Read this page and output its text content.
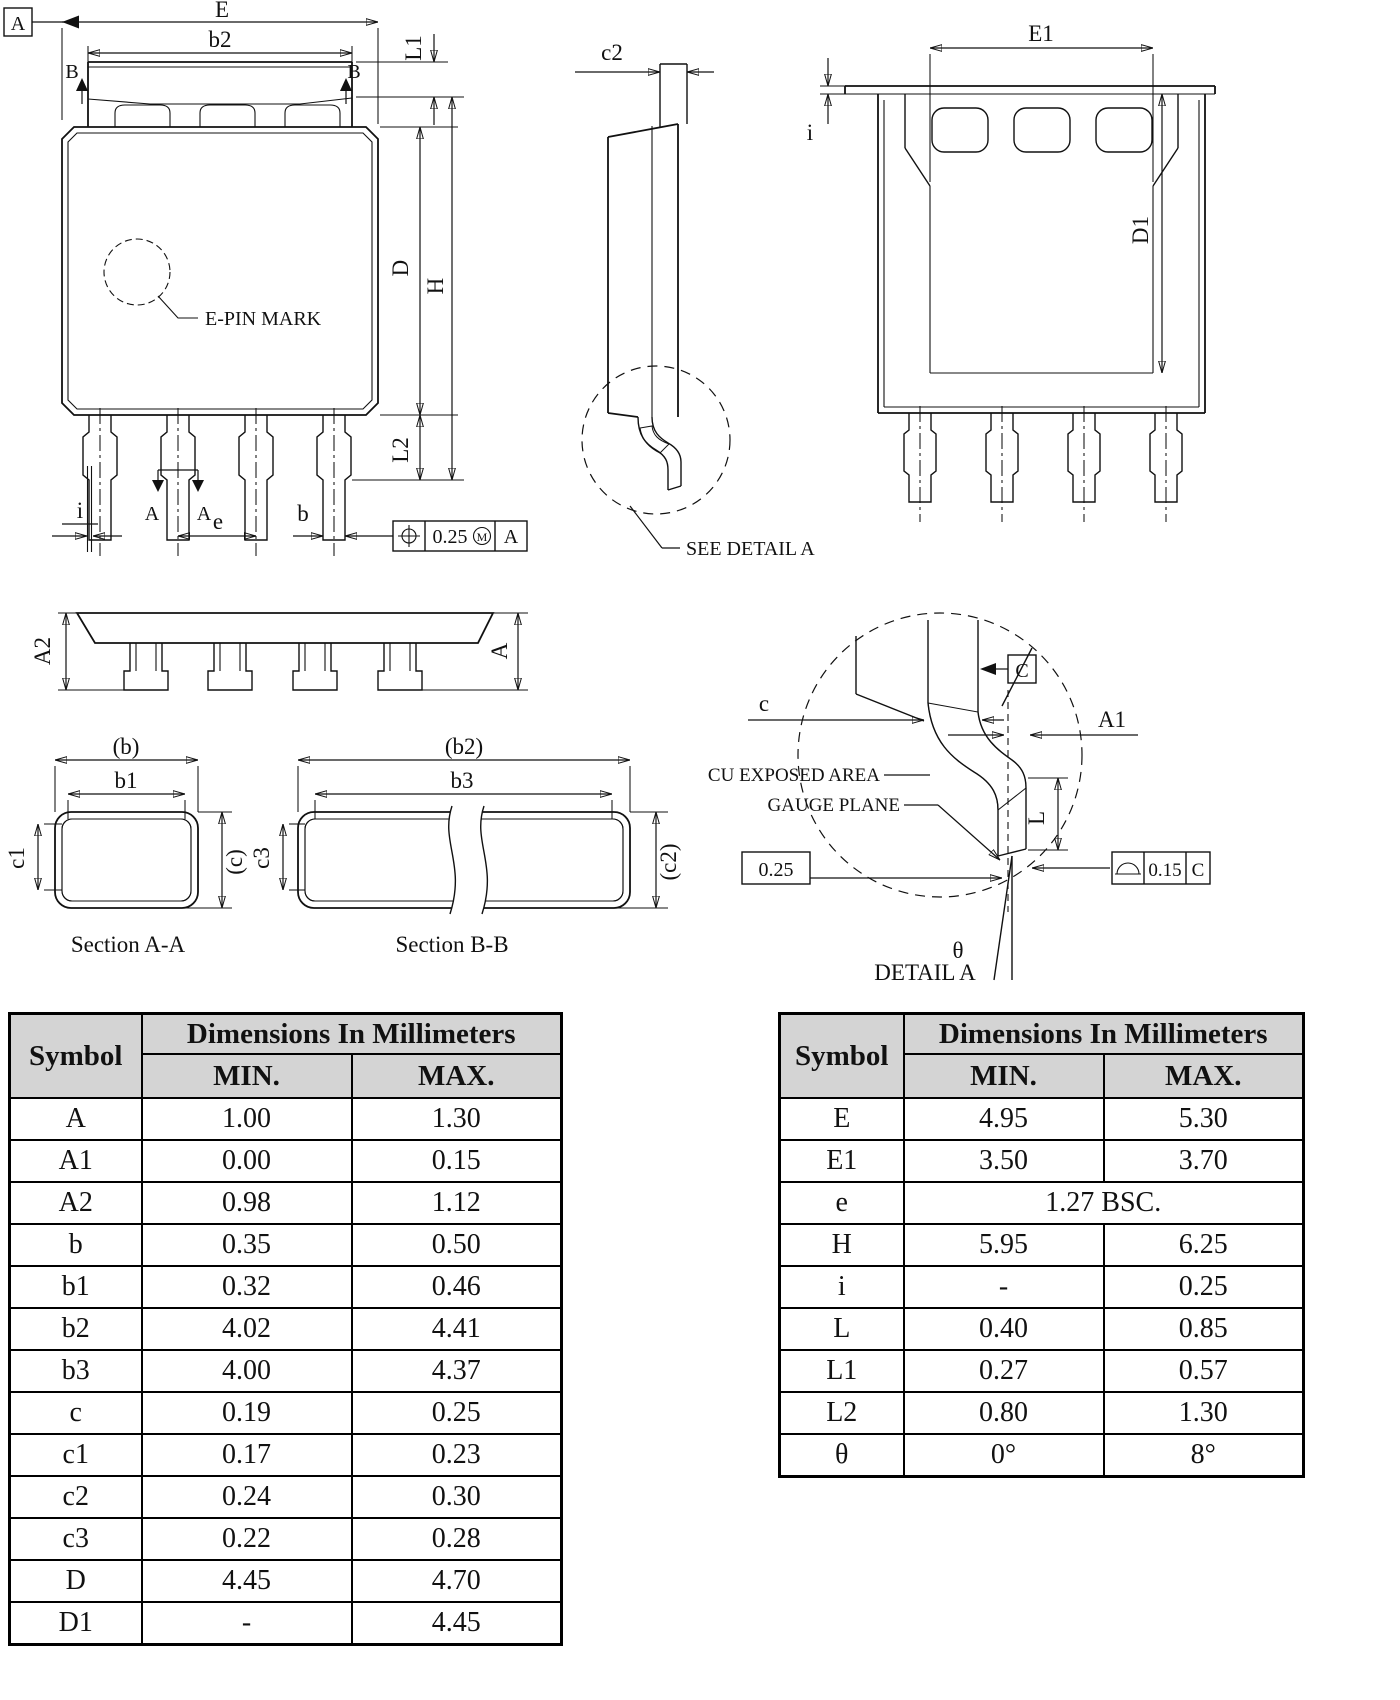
A
E
b2
B	B
E-PIN MARK
L1
D
L2
H
i	A A e	b
0.25 M A
c2
SEE DETAIL A
E1
i
D1
A2	A
(b)
b1
c1	(c)
Section A-A
(b2)
b3
c3	(c2)
Section B-B
C
c
A1
CU EXPOSED AREA
GAUGE PLANE
L
0.25
θ
0.15 C
DETAIL A
Symbol	Dimensions In Millimeters	
	MIN.	MAX.
A	1.00	1.30
A1	0.00	0.15
A2	0.98	1.12
b	0.35	0.50
b1	0.32	0.46
b2	4.02	4.41
b3	4.00	4.37
c	0.19	0.25
c1	0.17	0.23
c2	0.24	0.30
c3	0.22	0.28
D	4.45	4.70
D1	-	4.45
Symbol	Dimensions In Millimeters	
	MIN.	MAX.
E	4.95	5.30
E1	3.50	3.70
e	1.27 BSC.	
H	5.95	6.25
i	-	0.25
L	0.40	0.85
L1	0.27	0.57
L2	0.80	1.30
θ	0°	8°
